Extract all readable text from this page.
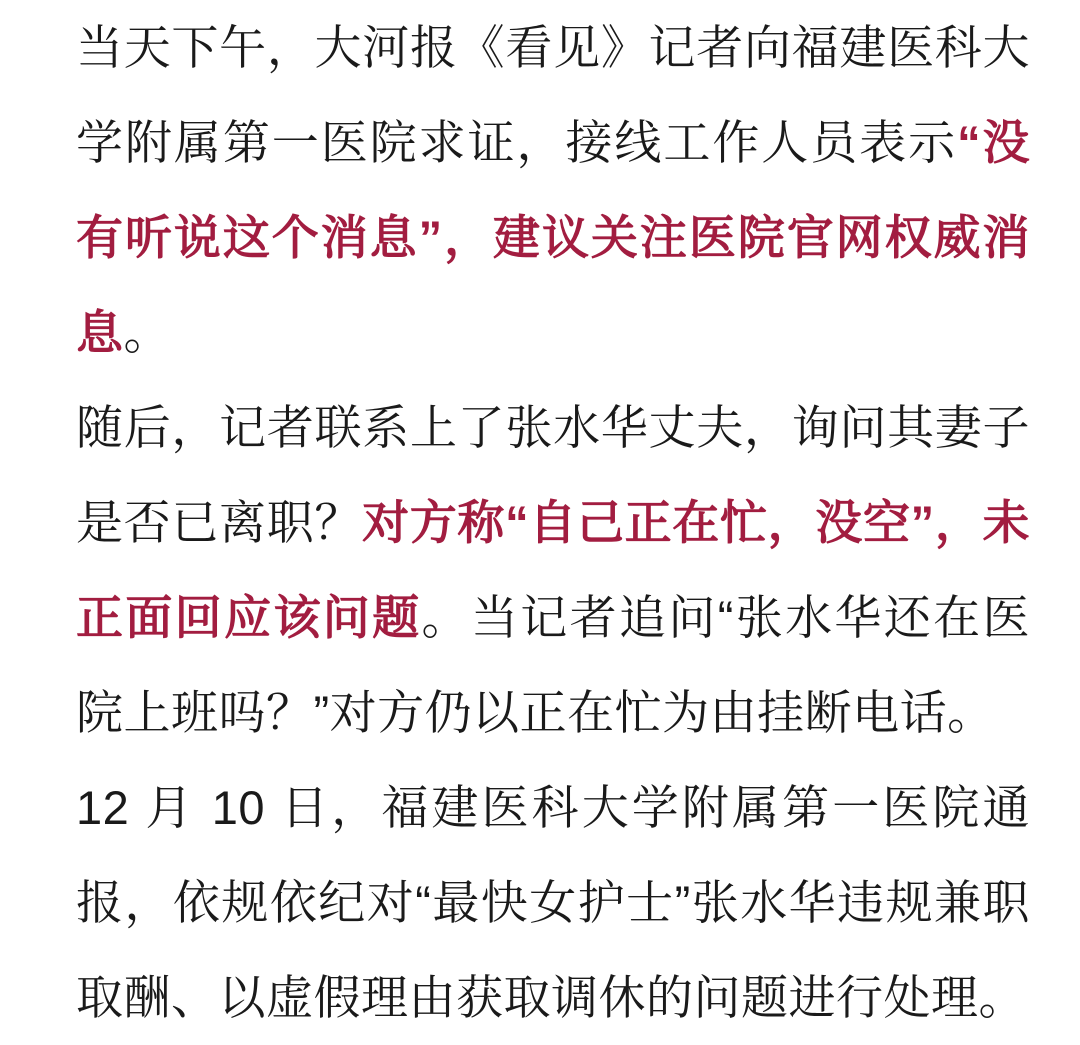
当天下午，大河报《看见》记者向福建医科大学附属第一医院求证，接线工作人员表示“没有听说这个消息”，建议关注医院官网权威消息。

随后，记者联系上了张水华丈夫，询问其妻子是否已离职？对方称“自己正在忙，没空”，未正面回应该问题。当记者追问“张水华还在医院上班吗？”对方仍以正在忙为由挂断电话。

12 月 10 日，福建医科大学附属第一医院通报，依规依纪对“最快女护士”张水华违规兼职取酬、以虚假理由获取调休的问题进行处理。
